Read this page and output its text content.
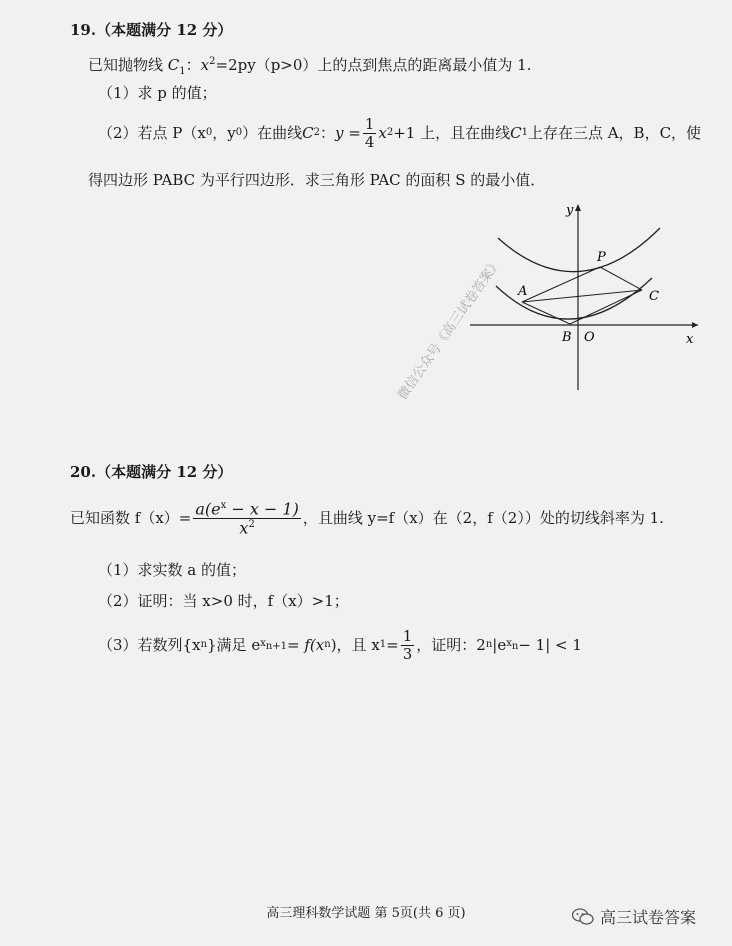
19.（本题满分 12 分）
已知抛物线 $C_1$：$x^2=2py(p>0)$上的点到焦点的距离最小值为 1.
（1）求 p 的值；
（2）若点 P（x 0 ，y 0 ）在曲线 C 2 ： $y = \frac{1}{4}$ x 2 +1 上，且在曲线 C 1 上存在三点 A，B，C，使
得四边形 PABC 为平行四边形．求三角形 PAC 的面积 S 的最小值．
y
x
P
A	C
B O
20.（本题满分 12 分）
已知函数 $f(x)= \frac{a(e^x - x - 1)}{x^2}$ ，且曲线 y=f（x）在（2，f（2））处的切线斜率为 1.
（1）求实数 a 的值；
（2）证明：当 x>0 时，f（x）>1；
（3）若数列{x n }满足 e $x_{n+1} = f(x$ n )，且 x $1 = \frac{1}{3}$ ，证明：2 n |e $x_n - 1| < 1$
微信公众号《高三试卷答案》
高三理科数学试题 第 5页(共 6 页)	高三试卷答案
